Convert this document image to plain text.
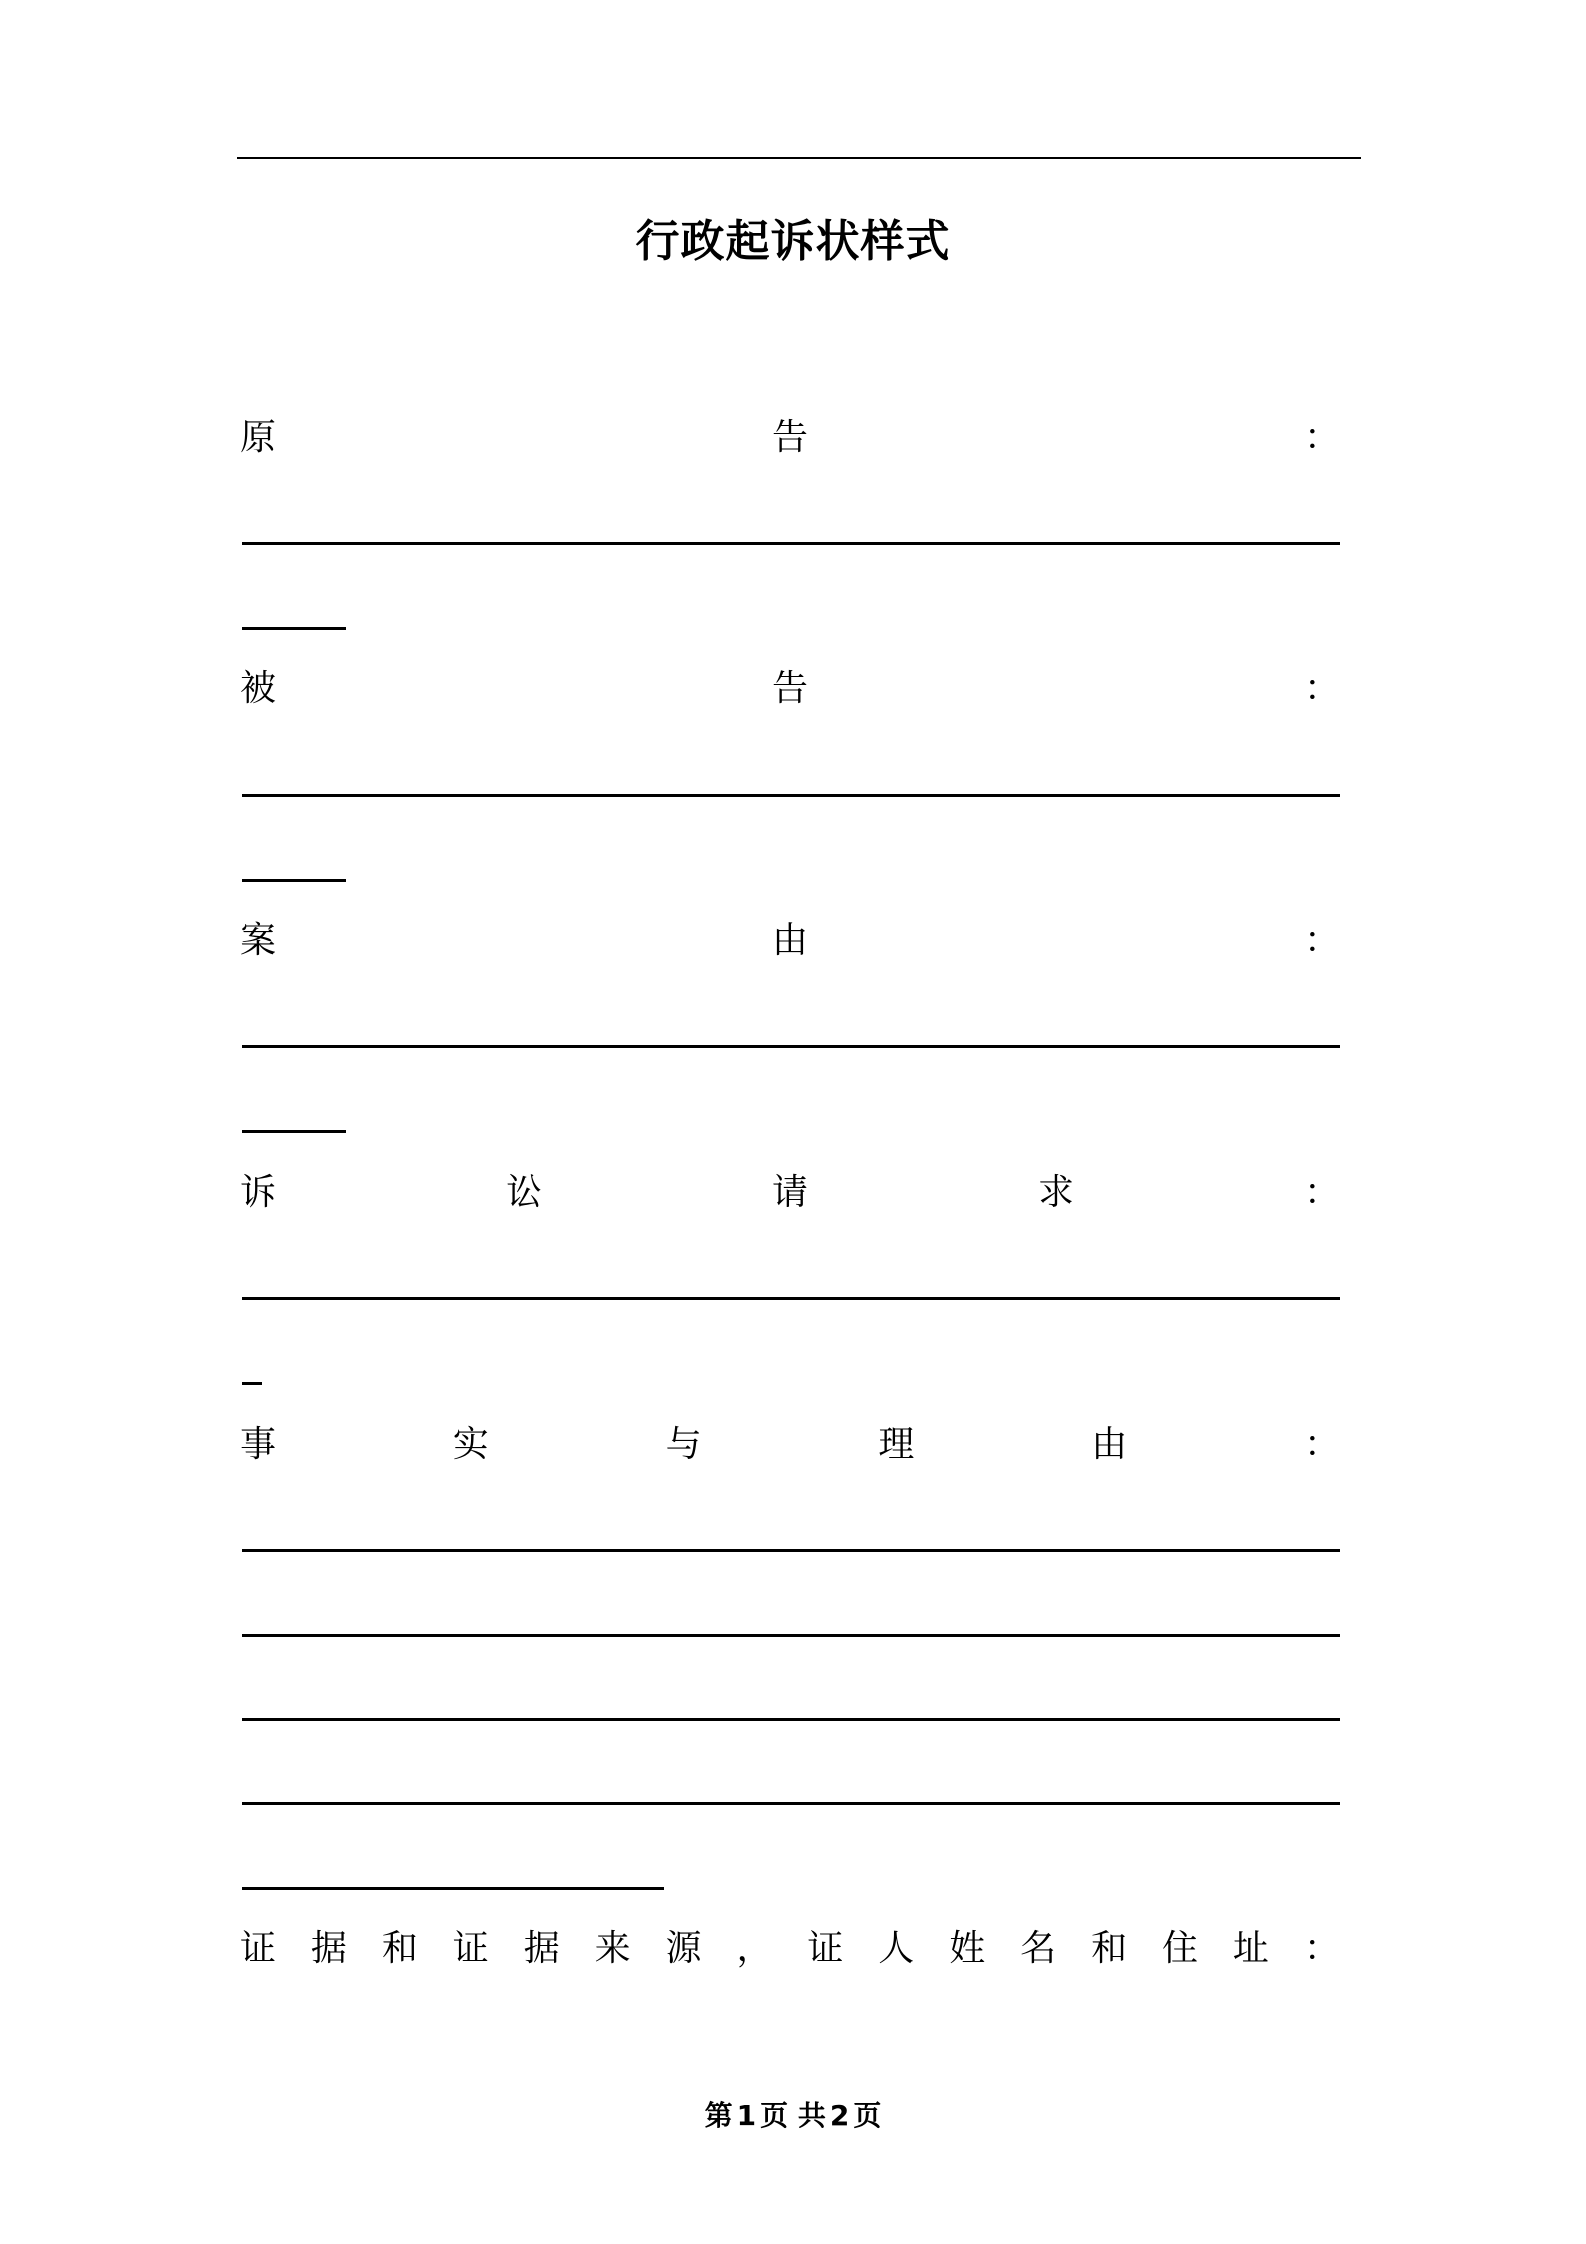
行政起诉状样式
原	告	：
被	告	：
案	由	：
诉	讼	请	求	：
事	实	与	理	由	：
证 据 和 证 据 来 源 ， 证 人 姓 名 和 住 址 ：
第 1 页 共 2 页
